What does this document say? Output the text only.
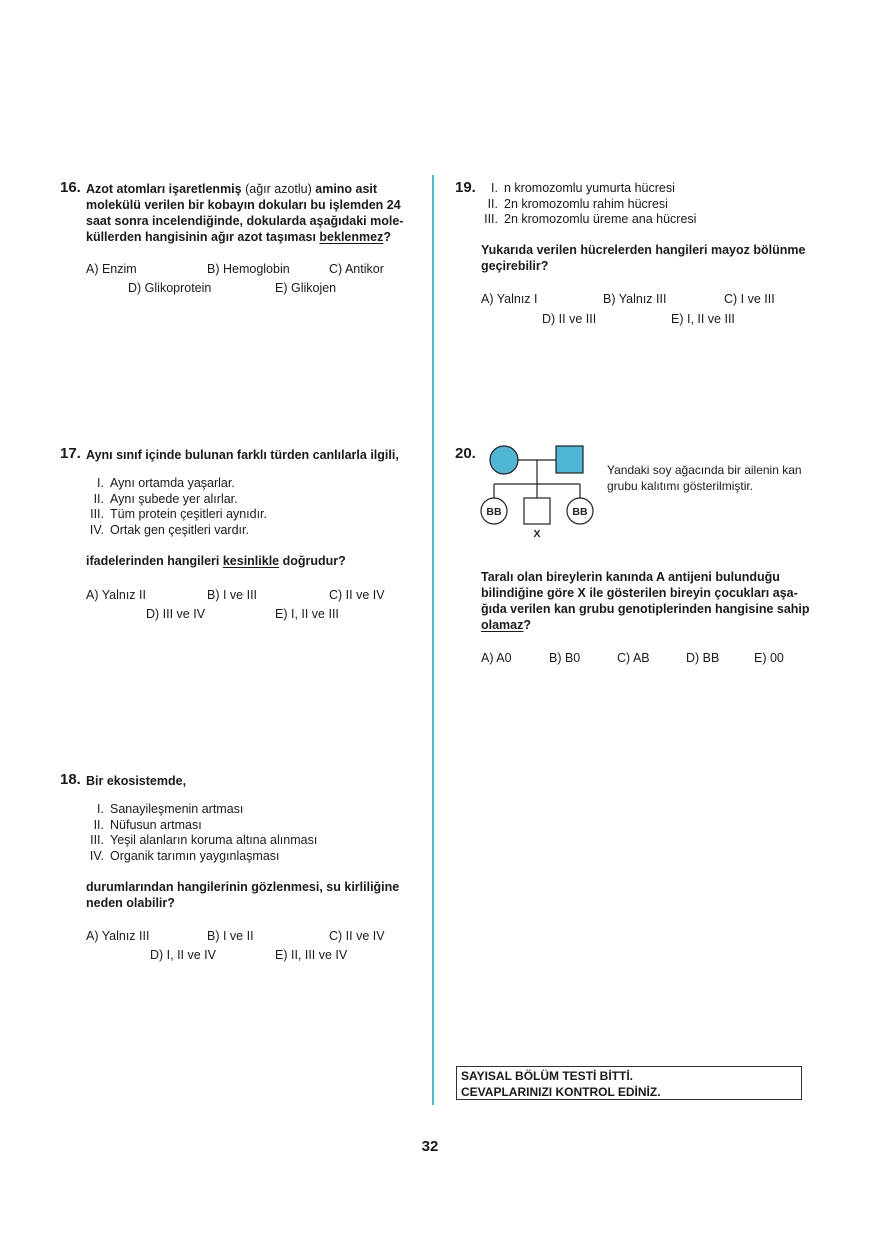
16. Azot atomları işaretlenmiş (ağır azotlu) amino asit
molekülü verilen bir kobayın dokuları bu işlemden 24
saat sonra incelendiğinde, dokularda aşağıdaki mole-
küllerden hangisinin ağır azot taşıması beklenmez?
A) Enzim	B) Hemoglobin	C) Antikor
D) Glikoprotein	E) Glikojen
17. Aynı sınıf içinde bulunan farklı türden canlılarla ilgili,
I. Aynı ortamda yaşarlar.
II. Aynı şubede yer alırlar.
III. Tüm protein çeşitleri aynıdır.
IV. Ortak gen çeşitleri vardır.
ifadelerinden hangileri kesinlikle doğrudur?
A) Yalnız II	B) I ve III	C) II ve IV
D) III ve IV	E) I, II ve III
18. Bir ekosistemde,
I. Sanayileşmenin artması
II. Nüfusun artması
III. Yeşil alanların koruma altına alınması
IV. Organik tarımın yaygınlaşması
durumlarından hangilerinin gözlenmesi, su kirliliğine
neden olabilir?
A) Yalnız III	B) I ve II	C) II ve IV
D) I, II ve IV	E) II, III ve IV
19.	I. n kromozomlu yumurta hücresi
II. 2n kromozomlu rahim hücresi
III. 2n kromozomlu üreme ana hücresi
Yukarıda verilen hücrelerden hangileri mayoz bölünme
geçirebilir?
A) Yalnız I	B) Yalnız III	C) I ve III
D) II ve III	E) I, II ve III
20.
BB	BB
X
Yandaki soy ağacında bir ailenin kan
grubu kalıtımı gösterilmiştir.
Taralı olan bireylerin kanında A antijeni bulunduğu
bilindiğine göre X ile gösterilen bireyin çocukları aşa-
ğıda verilen kan grubu genotiplerinden hangisine sahip
olamaz?
A) A0	B) B0	C) AB	D) BB	E) 00
SAYISAL BÖLÜM TESTİ BİTTİ.
CEVAPLARINIZI KONTROL EDİNİZ.
32
